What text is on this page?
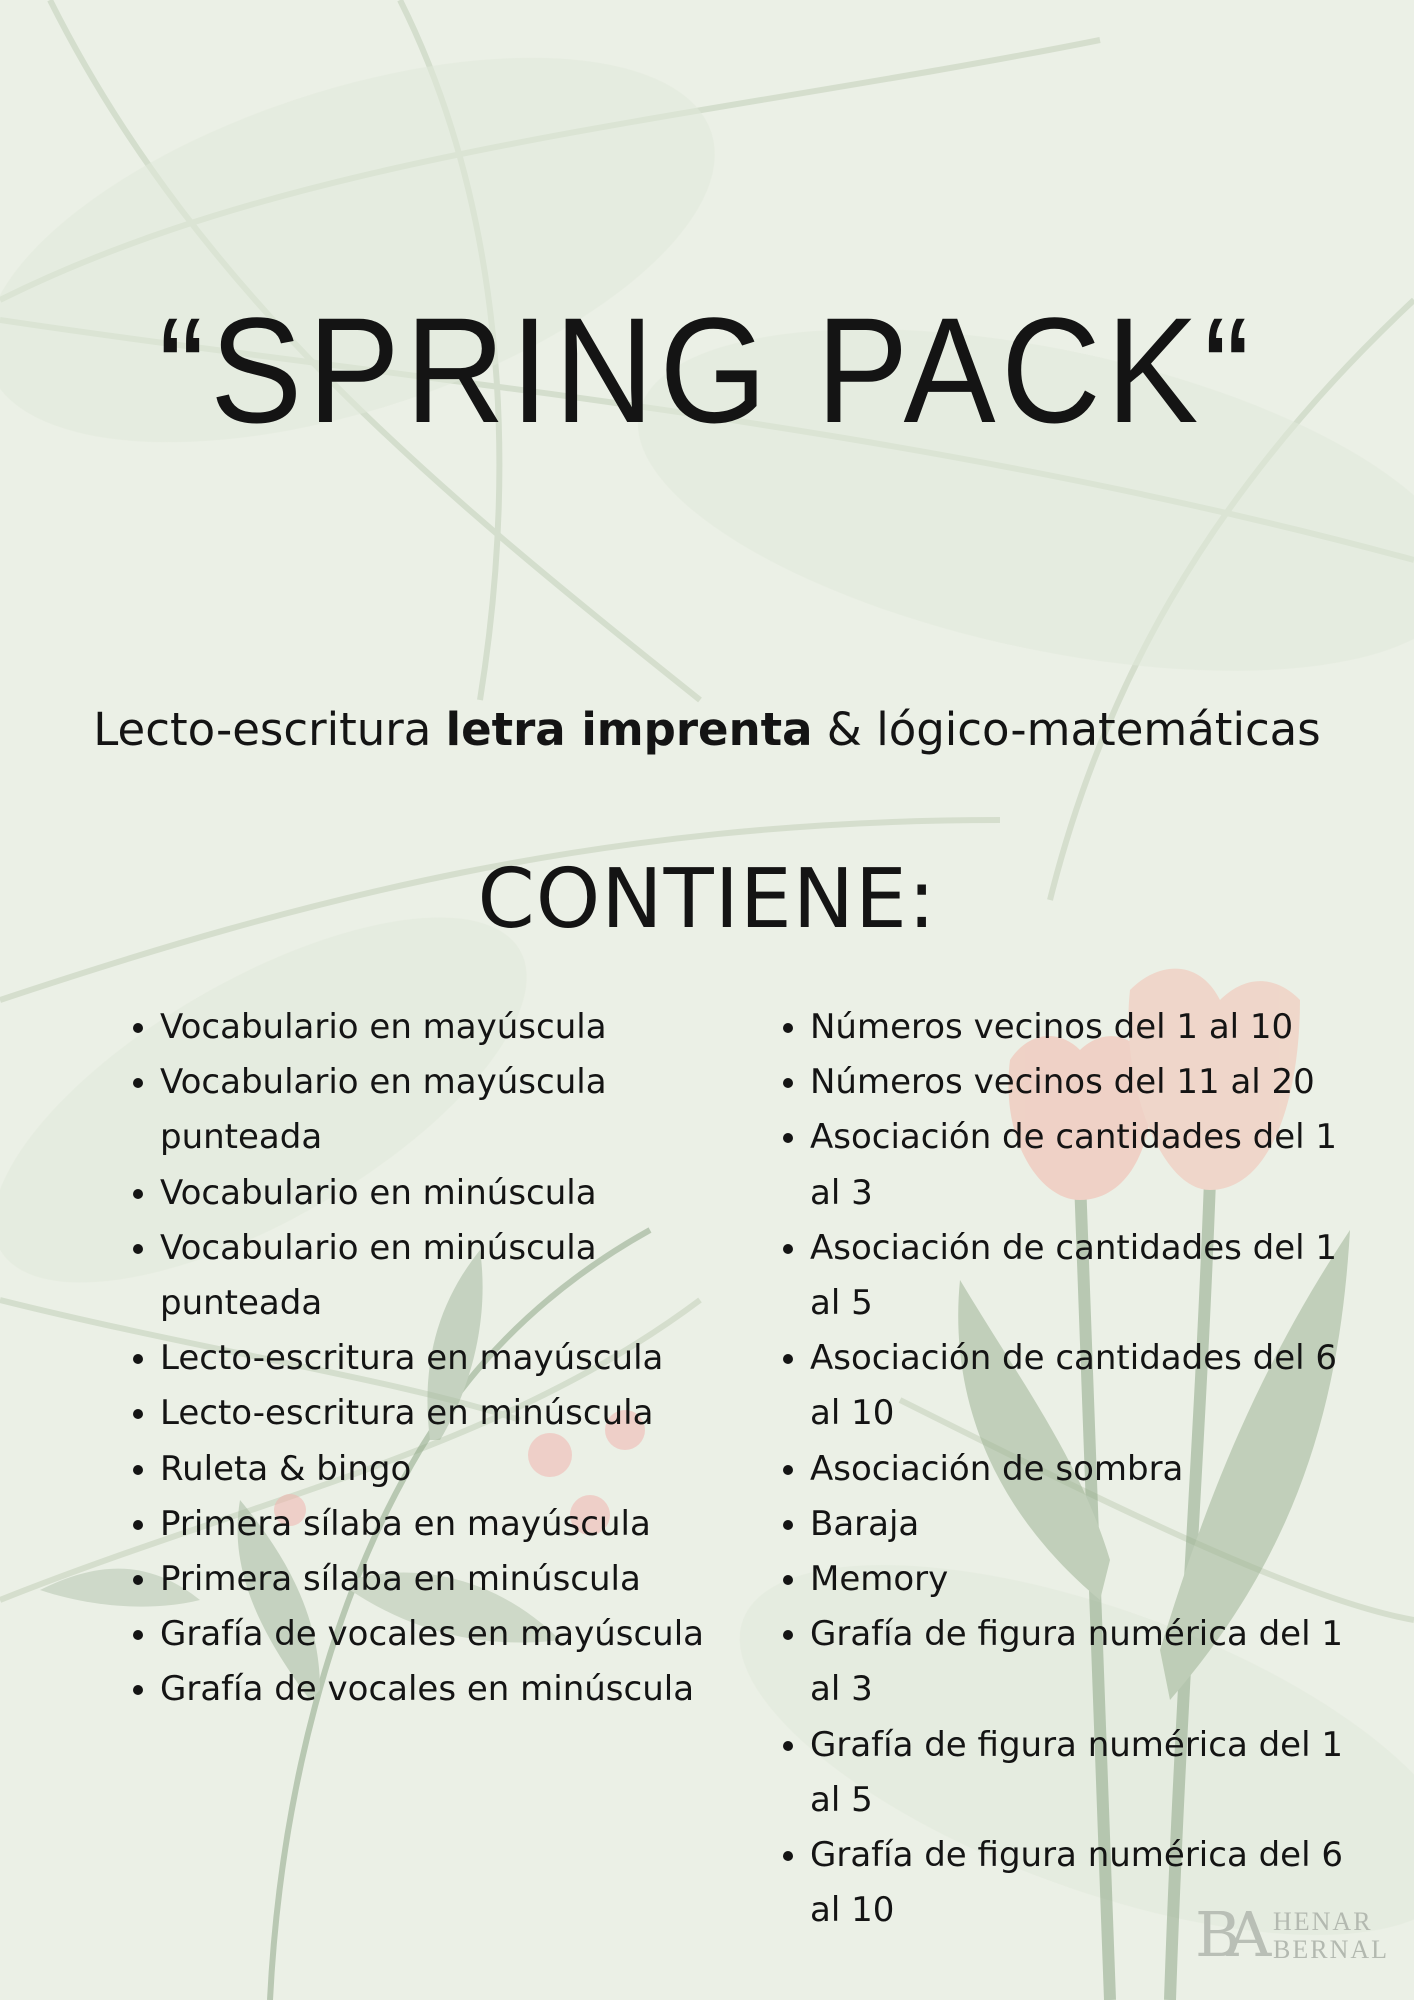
“SPRING PACK“
Lecto-escritura letra imprenta & lógico-matemáticas
CONTIENE:
• Vocabulario en mayúscula
• Vocabulario en mayúscula punteada
• Vocabulario en minúscula
• Vocabulario en minúscula punteada
• Lecto-escritura en mayúscula
• Lecto-escritura en minúscula
• Ruleta & bingo
• Primera sílaba en mayúscula
• Primera sílaba en minúscula
• Grafía de vocales en mayúscula
• Grafía de vocales en minúscula
• Números vecinos del 1 al 10
• Números vecinos del 11 al 20
• Asociación de cantidades del 1 al 3
• Asociación de cantidades del 1 al 5
• Asociación de cantidades del 6 al 10
• Asociación de sombra
• Baraja
• Memory
• Grafía de figura numérica del 1 al 3
• Grafía de figura numérica del 1 al 5
• Grafía de figura numérica del 6 al 10	BA HENAR
BERNAL
